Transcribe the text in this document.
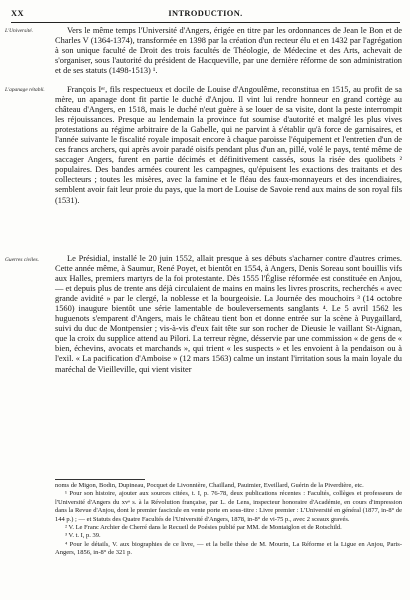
XX	INTRODUCTION.
L'Université.
L'apanage rétabli.
Guerres civiles.

Vers le même temps l'Université d'Angers, érigée en titre par les ordonnances de Jean le Bon et de Charles V (1364-1374), transformée en 1398 par la création d'un recteur élu et en 1432 par l'agrégation à son unique faculté de Droit des trois facultés de Théologie, de Médecine et des Arts, achevait de s'organiser, sous l'autorité du président de Hacqueville, par une dernière réforme de son administration et de ses statuts (1498-1513) ¹.

François Iᵉʳ, fils respectueux et docile de Louise d'Angoulême, reconstitua en 1515, au profit de sa mère, un apanage dont fit partie le duché d'Anjou. Il vint lui rendre honneur en grand cortège au château d'Angers, en 1518, mais le duché n'eut guère à se louer de sa visite, dont la peste interrompit les réjouissances. Presque au lendemain la province fut soumise d'autorité et malgré les plus vives protestations au régime arbitraire de la Gabelle, qui ne parvint à s'établir qu'à force de garnisaires, et l'année suivante le fiscalité royale imposait encore à chaque paroisse l'équipement et l'entretien d'un de ces francs archers, qui après avoir paradé oisifs pendant plus d'un an, pillé, volé le pays, tenté même de saccager Angers, furent en partie décimés et définitivement cassés, sous la risée des quolibets ² populaires. Des bandes armées courent les campagnes, qu'épuisent les exactions des traitants et des collecteurs ; toutes les misères, avec la famine et le fléau des faux-monnayeurs et des incendiaires, semblent avoir fait leur proie du pays, que la mort de Louise de Savoie rend aux mains de son royal fils (1531).

Le Présidial, installé le 20 juin 1552, allait presque à ses débuts s'acharner contre d'autres crimes. Cette année même, à Saumur, René Poyet, et bientôt en 1554, à Angers, Denis Soreau sont bouillis vifs aux Halles, premiers martyrs de la foi protestante. Dès 1555 l'Église réformée est constituée en Anjou, — et depuis plus de trente ans déjà circulaient de mains en mains les livres proscrits, recherchés « avec grande avidité » par le clergé, la noblesse et la bourgeoisie. La Journée des mouchoirs ³ (14 octobre 1560) inaugure bientôt une série lamentable de bouleversements sanglants ⁴. Le 5 avril 1562 les huguenots s'emparent d'Angers, mais le château tient bon et donne entrée sur la scène à Puygaillard, suivi du duc de Montpensier ; vis-à-vis d'eux fait tête sur son rocher de Dieusie le vaillant St-Aignan, que la croix du supplice attend au Pilori. La terreur règne, désservie par une commission « de gens de « bien, échevins, avocats et marchands », qui trient « les suspects » et les envoient à la pendaison ou à l'exil. « La pacification d'Amboise » (12 mars 1563) calme un instant l'irritation sous la main loyale du maréchal de Vieilleville, qui vient visiter

noms de Migon, Bodin, Dupineau, Pocquet de Livonnière, Chailland, Pauimier, Eveillard, Guérin de la Piverdière, etc.

¹ Pour son histoire, ajouter aux sources citées, t. I, p. 76-78, deux publications récentes : Facultés, collèges et professeurs de l'Université d'Angers du xvᵉ s. à la Révolution française, par L. de Lens, inspecteur honoraire d'Académie, en cours d'impression dans la Revue d'Anjou, dont le premier fascicule en vente porte en sous-titre : Livre premier : L'Université en général (1877, in-8° de 144 p.) ; — et Statuts des Quatre Facultés de l'Université d'Angers, 1878, in-8° de vi-75 p., avec 2 sceaux gravés.

² V. Le Franc Archier de Cherré dans le Recueil de Poésies publié par MM. de Montaiglon et de Rotschild.

³ V. t. I, p. 39.

⁴ Pour le détails, V. aux biographies de ce livre, — et la belle thèse de M. Mourin, La Réforme et la Ligue en Anjou, Paris-Angers, 1856, in-8° de 321 p.
